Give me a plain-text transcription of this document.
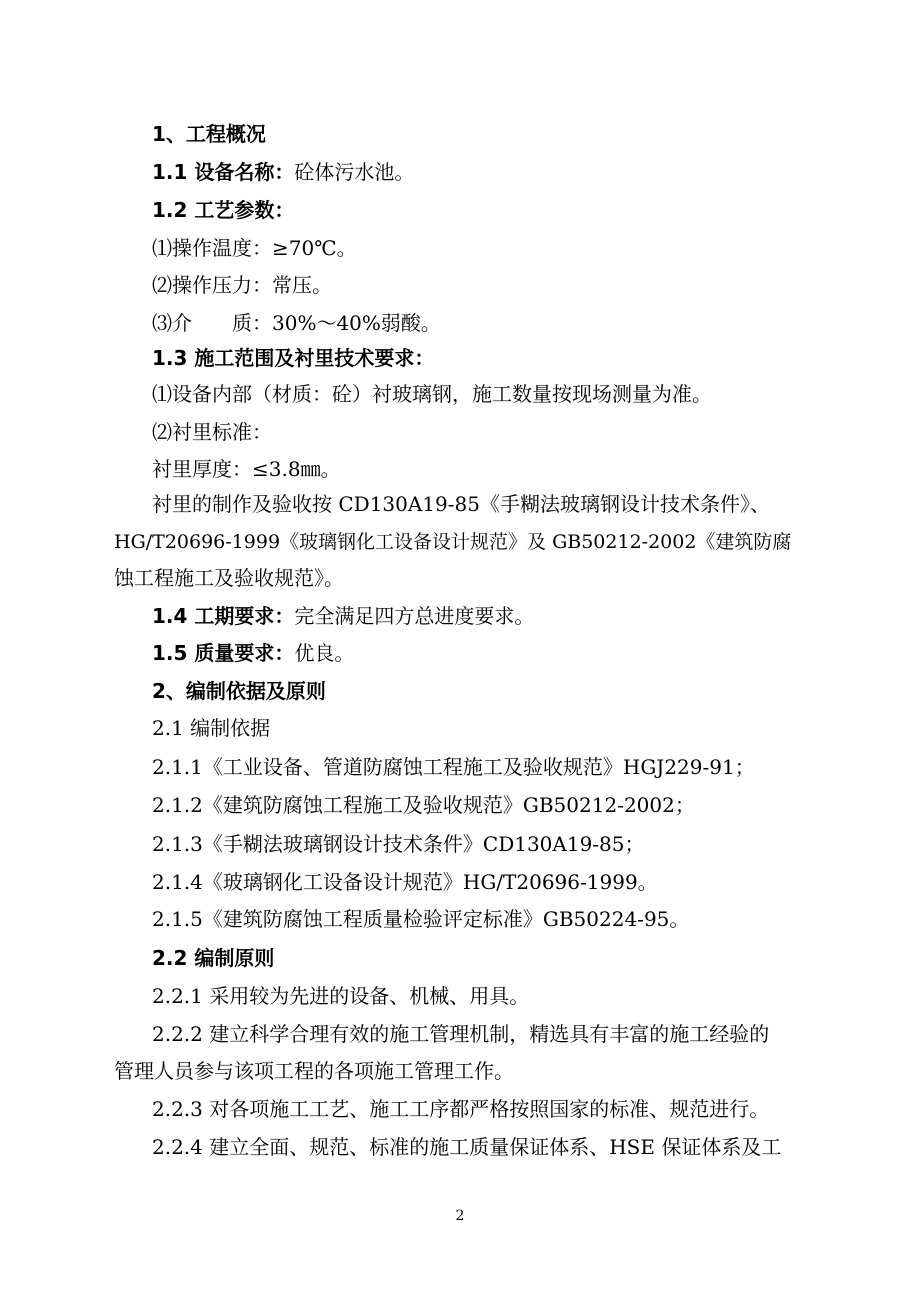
1、工程概况
1.1 设备名称：砼体污水池。
1.2 工艺参数：
⑴操作温度：≥70℃。
⑵操作压力：常压。
⑶介　　质：30%～40%弱酸。
1.3 施工范围及衬里技术要求：
⑴设备内部（材质：砼）衬玻璃钢，施工数量按现场测量为准。
⑵衬里标准：
衬里厚度：≤3.8㎜。
衬里的制作及验收按 CD130A19-85《手糊法玻璃钢设计技术条件》、
HG/T20696-1999《玻璃钢化工设备设计规范》及 GB50212-2002《建筑防腐
蚀工程施工及验收规范》。
1.4 工期要求：完全满足四方总进度要求。
1.5 质量要求：优良。
2、编制依据及原则
2.1 编制依据
2.1.1《工业设备、管道防腐蚀工程施工及验收规范》HGJ229-91；
2.1.2《建筑防腐蚀工程施工及验收规范》GB50212-2002；
2.1.3《手糊法玻璃钢设计技术条件》CD130A19-85；
2.1.4《玻璃钢化工设备设计规范》HG/T20696-1999。
2.1.5《建筑防腐蚀工程质量检验评定标准》GB50224-95。
2.2 编制原则
2.2.1 采用较为先进的设备、机械、用具。
2.2.2 建立科学合理有效的施工管理机制，精选具有丰富的施工经验的
管理人员参与该项工程的各项施工管理工作。
2.2.3 对各项施工工艺、施工工序都严格按照国家的标准、规范进行。
2.2.4 建立全面、规范、标准的施工质量保证体系、HSE 保证体系及工
2
